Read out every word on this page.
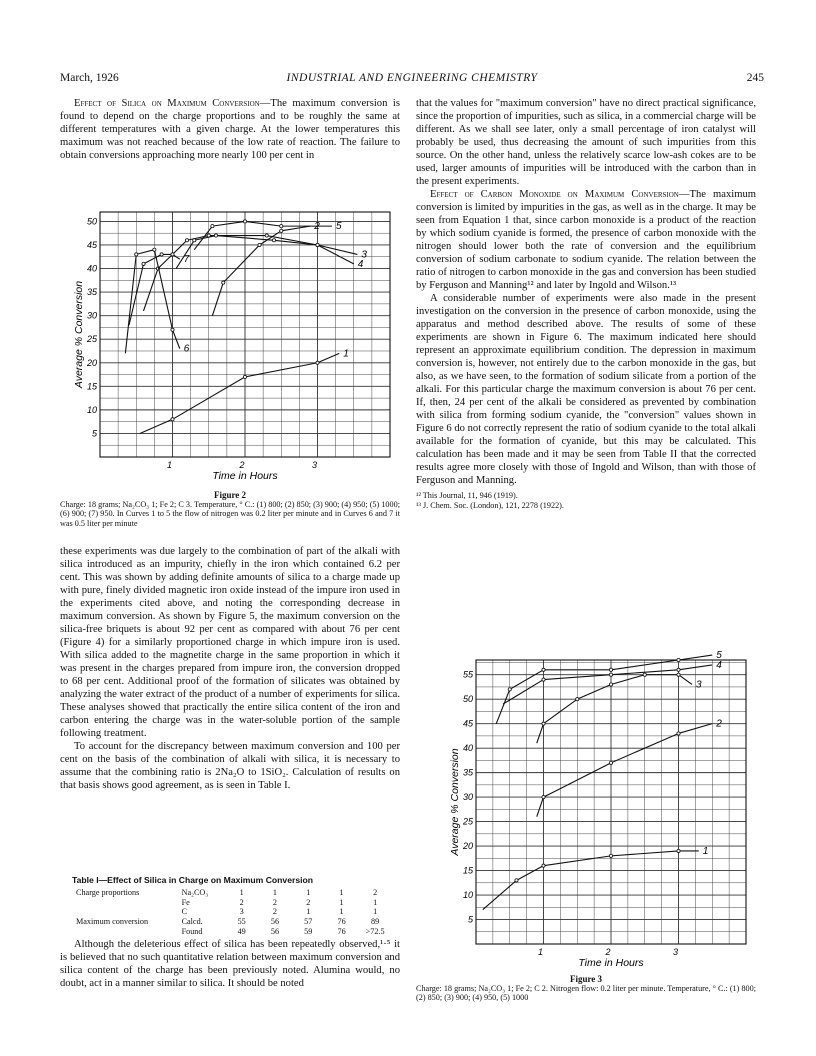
March, 1926	INDUSTRIAL AND ENGINEERING CHEMISTRY	245

Effect of Silica on Maximum Conversion—The maximum conversion is found to depend on the charge proportions and to be roughly the same at different temperatures with a given charge. At the lower temperatures this maximum was not reached because of the low rate of reaction. The failure to obtain conversions approaching more nearly 100 per cent in

5
10
15
20
25
30
35
40
45
50
1	2	3
Time in Hours
Average % Conversion	1
2
3
4
5
6
7
Figure 2
Charge: 18 grams; Na₂CO₃ 1; Fe 2; C 3. Temperature, ° C.: (1) 800; (2) 850; (3) 900; (4) 950; (5) 1000; (6) 900; (7) 950. In Curves 1 to 5 the flow of nitrogen was 0.2 liter per minute and in Curves 6 and 7 it was 0.5 liter per minute

these experiments was due largely to the combination of part of the alkali with silica introduced as an impurity, chiefly in the iron which contained 6.2 per cent. This was shown by adding definite amounts of silica to a charge made up with pure, finely divided magnetic iron oxide instead of the impure iron used in the experiments cited above, and noting the corresponding decrease in maximum conversion. As shown by Figure 5, the maximum conversion on the silica-free briquets is about 92 per cent as compared with about 76 per cent (Figure 4) for a similarly proportioned charge in which impure iron is used. With silica added to the magnetite charge in the same proportion in which it was present in the charges prepared from impure iron, the conversion dropped to 68 per cent. Additional proof of the formation of silicates was obtained by analyzing the water extract of the product of a number of experiments for silica. These analyses showed that practically the entire silica content of the iron and carbon entering the charge was in the water-soluble portion of the sample following treatment.

To account for the discrepancy between maximum conversion and 100 per cent on the basis of the combination of alkali with silica, it is necessary to assume that the combining ratio is 2Na₂O to 1SiO₂. Calculation of results on that basis shows good agreement, as is seen in Table I.

Table I—Effect of Silica in Charge on Maximum Conversion
Charge proportions	Na₂CO₃	1	1	1	1	2
	Fe	2	2	2	1	1
	C	3	2	1	1	1
Maximum conversion	Calcd.	55	56	57	76	89
	Found	49	56	59	76	>72.5

Although the deleterious effect of silica has been repeatedly observed,¹·⁵ it is believed that no such quantitative relation between maximum conversion and silica content of the charge has been previously noted. Alumina would, no doubt, act in a manner similar to silica. It should be noted

that the values for "maximum conversion" have no direct practical significance, since the proportion of impurities, such as silica, in a commercial charge will be different. As we shall see later, only a small percentage of iron catalyst will probably be used, thus decreasing the amount of such impurities from this source. On the other hand, unless the relatively scarce low-ash cokes are to be used, larger amounts of impurities will be introduced with the carbon than in the present experiments.

Effect of Carbon Monoxide on Maximum Conversion—The maximum conversion is limited by impurities in the gas, as well as in the charge. It may be seen from Equation 1 that, since carbon monoxide is a product of the reaction by which sodium cyanide is formed, the presence of carbon monoxide with the nitrogen should lower both the rate of conversion and the equilibrium conversion of sodium carbonate to sodium cyanide. The relation between the ratio of nitrogen to carbon monoxide in the gas and conversion has been studied by Ferguson and Manning¹² and later by Ingold and Wilson.¹³

A considerable number of experiments were also made in the present investigation on the conversion in the presence of carbon monoxide, using the apparatus and method described above. The results of some of these experiments are shown in Figure 6. The maximum indicated here should represent an approximate equilibrium condition. The depression in maximum conversion is, however, not entirely due to the carbon monoxide in the gas, but also, as we have seen, to the formation of sodium silicate from a portion of the alkali. For this particular charge the maximum conversion is about 76 per cent. If, then, 24 per cent of the alkali be considered as prevented by combination with silica from forming sodium cyanide, the "conversion" values shown in Figure 6 do not correctly represent the ratio of sodium cyanide to the total alkali available for the formation of cyanide, but this may be calculated. This calculation has been made and it may be seen from Table II that the corrected results agree more closely with those of Ingold and Wilson, than with those of Ferguson and Manning.

¹² This Journal, 11, 946 (1919).
¹³ J. Chem. Soc. (London), 121, 2278 (1922).
5
10
15
20
25
30
35
40
45
50
55
1	2	3
Time in Hours
Average % Conversion	1
2
3
4
5
Figure 3
Charge: 18 grams; Na₂CO₃ 1; Fe 2; C 2. Nitrogen flow: 0.2 liter per minute. Temperature, ° C.: (1) 800; (2) 850; (3) 900; (4) 950, (5) 1000
